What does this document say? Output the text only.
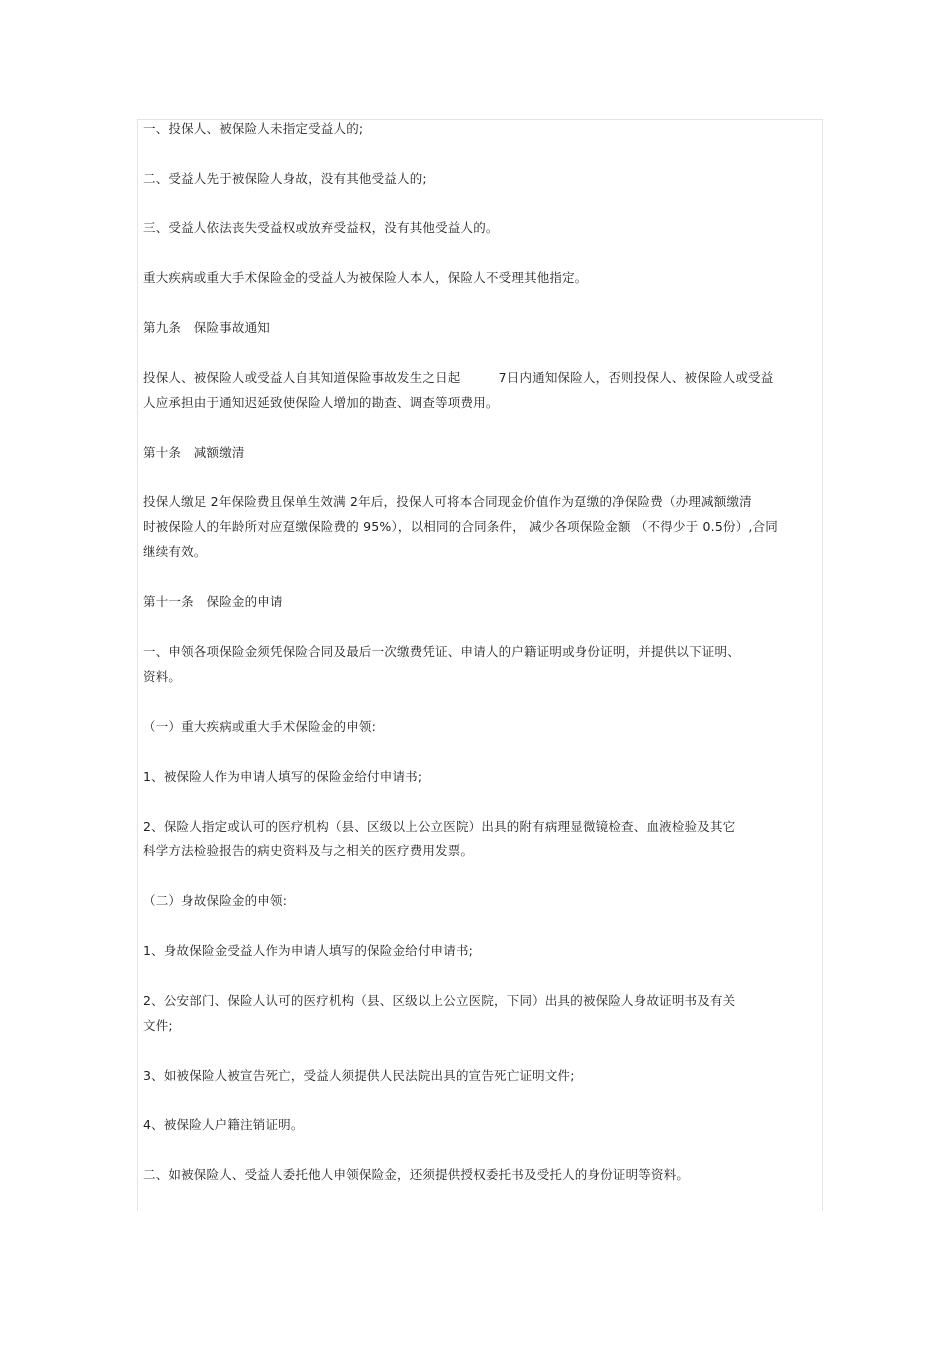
一、投保人、被保险人未指定受益人的;
二、受益人先于被保险人身故，没有其他受益人的;
三、受益人依法丧失受益权或放弃受益权，没有其他受益人的。
重大疾病或重大手术保险金的受益人为被保险人本人，保险人不受理其他指定。
第九条　保险事故通知
投保人、被保险人或受益人自其知道保险事故发生之日起　　　7日内通知保险人，否则投保人、被保险人或受益
人应承担由于通知迟延致使保险人增加的勘查、调查等项费用。
第十条　减额缴清
投保人缴足 2年保险费且保单生效满 2年后，投保人可将本合同现金价值作为趸缴的净保险费（办理减额缴清
时被保险人的年龄所对应趸缴保险费的 95%），以相同的合同条件， 减少各项保险金额 （不得少于 0.5份）,合同
继续有效。
第十一条　保险金的申请
一、申领各项保险金须凭保险合同及最后一次缴费凭证、申请人的户籍证明或身份证明，并提供以下证明、
资料。
（一）重大疾病或重大手术保险金的申领:
1、被保险人作为申请人填写的保险金给付申请书;
2、保险人指定或认可的医疗机构（县、区级以上公立医院）出具的附有病理显微镜检查、血液检验及其它
科学方法检验报告的病史资料及与之相关的医疗费用发票。
（二）身故保险金的申领:
1、身故保险金受益人作为申请人填写的保险金给付申请书;
2、公安部门、保险人认可的医疗机构（县、区级以上公立医院，下同）出具的被保险人身故证明书及有关
文件;
3、如被保险人被宣告死亡，受益人须提供人民法院出具的宣告死亡证明文件;
4、被保险人户籍注销证明。
二、如被保险人、受益人委托他人申领保险金，还须提供授权委托书及受托人的身份证明等资料。
